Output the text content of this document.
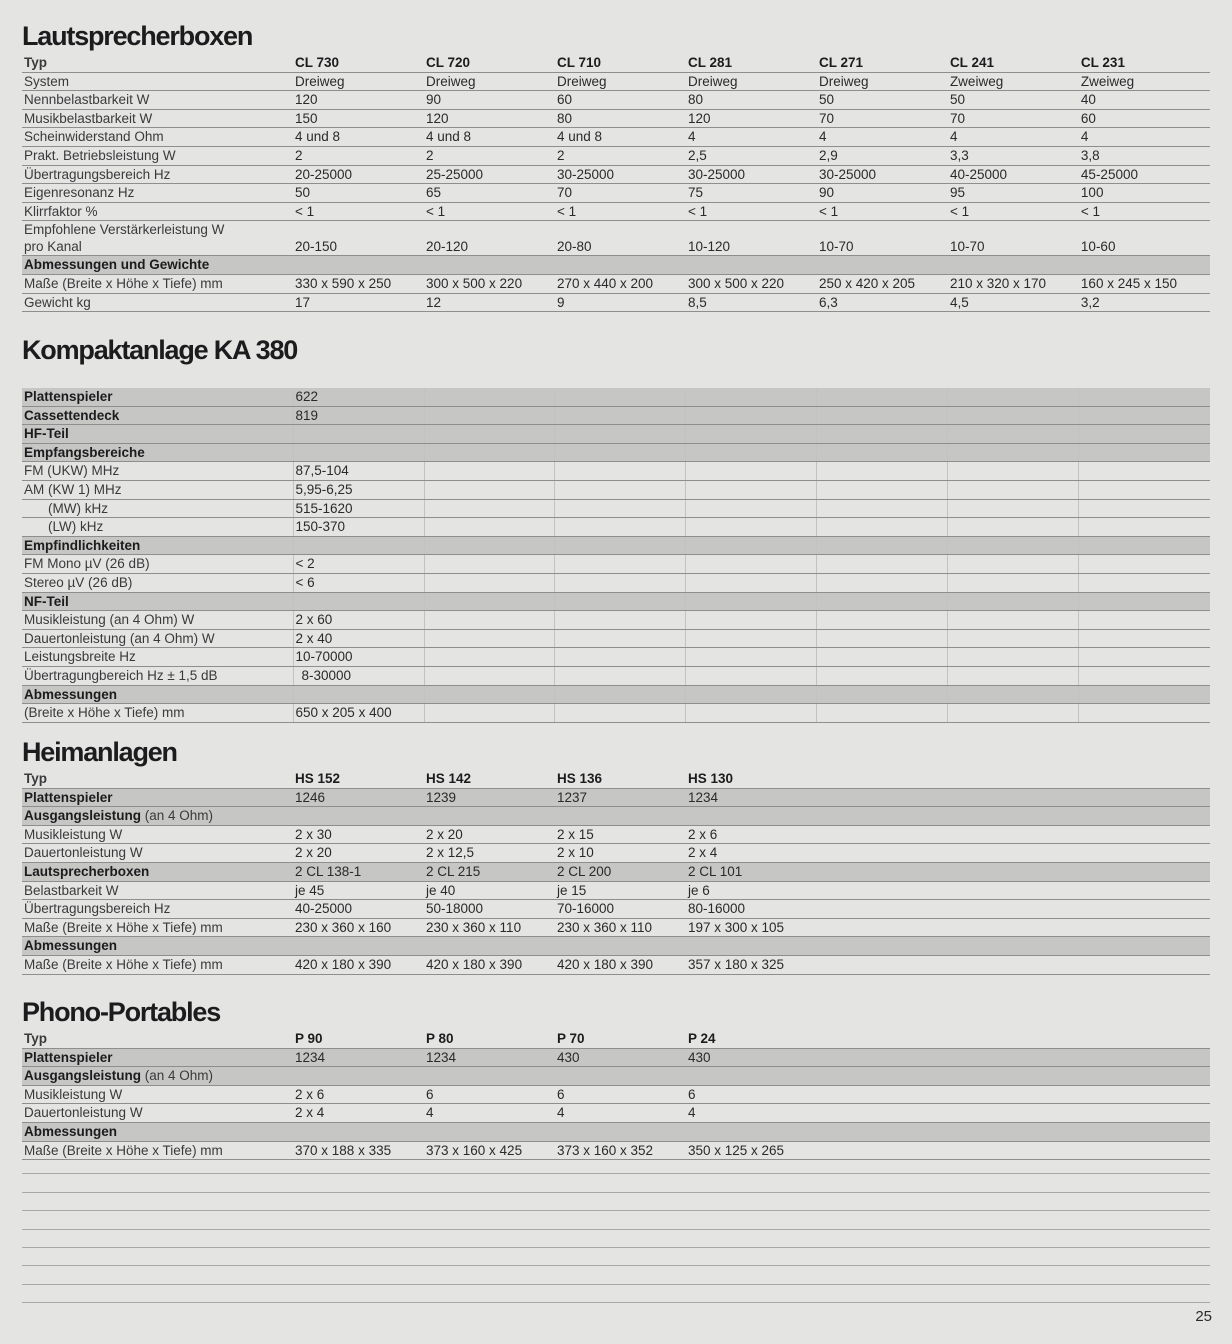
Lautsprecherboxen
Typ	CL 730	CL 720	CL 710	CL 281	CL 271	CL 241	CL 231
System	Dreiweg	Dreiweg	Dreiweg	Dreiweg	Dreiweg	Zweiweg	Zweiweg
Nennbelastbarkeit W	120	90	60	80	50	50	40
Musikbelastbarkeit W	150	120	80	120	70	70	60
Scheinwiderstand Ohm	4 und 8	4 und 8	4 und 8	4	4	4	4
Prakt. Betriebsleistung W	2	2	2	2,5	2,9	3,3	3,8
Übertragungsbereich Hz	20-25000	25-25000	30-25000	30-25000	30-25000	40-25000	45-25000
Eigenresonanz Hz	50	65	70	75	90	95	100
Klirrfaktor %	< 1	< 1	< 1	< 1	< 1	< 1	< 1
Empfohlene Verstärkerleistung W
pro Kanal	20-150	20-120	20-80	10-120	10-70	10-70	10-60
Abmessungen und Gewichte							
Maße (Breite x Höhe x Tiefe) mm	330 x 590 x 250	300 x 500 x 220	270 x 440 x 200	300 x 500 x 220	250 x 420 x 205	210 x 320 x 170	160 x 245 x 150
Gewicht kg	17	12	9	8,5	6,3	4,5	3,2
Kompaktanlage KA 380
Plattenspieler	622						
Cassettendeck	819						
HF-Teil							
Empfangsbereiche							
FM (UKW) MHz	87,5-104						
AM (KW 1) MHz	5,95-6,25						
(MW) kHz	515-1620						
(LW) kHz	150-370						
Empfindlichkeiten							
FM Mono µV (26 dB)	< 2						
Stereo µV (26 dB)	< 6						
NF-Teil							
Musikleistung (an 4 Ohm) W	2 x 60						
Dauertonleistung (an 4 Ohm) W	2 x 40						
Leistungsbreite Hz	10-70000						
Übertragungbereich Hz ± 1,5 dB	8-30000						
Abmessungen							
(Breite x Höhe x Tiefe) mm	650 x 205 x 400						
Heimanlagen
Typ	HS 152	HS 142	HS 136	HS 130			
Plattenspieler	1246	1239	1237	1234			
Ausgangsleistung (an 4 Ohm)							
Musikleistung W	2 x 30	2 x 20	2 x 15	2 x 6			
Dauertonleistung W	2 x 20	2 x 12,5	2 x 10	2 x 4			
Lautsprecherboxen	2 CL 138-1	2 CL 215	2 CL 200	2 CL 101			
Belastbarkeit W	je 45	je 40	je 15	je 6			
Übertragungsbereich Hz	40-25000	50-18000	70-16000	80-16000			
Maße (Breite x Höhe x Tiefe) mm	230 x 360 x 160	230 x 360 x 110	230 x 360 x 110	197 x 300 x 105			
Abmessungen							
Maße (Breite x Höhe x Tiefe) mm	420 x 180 x 390	420 x 180 x 390	420 x 180 x 390	357 x 180 x 325			
Phono-Portables
Typ	P 90	P 80	P 70	P 24			
Plattenspieler	1234	1234	430	430			
Ausgangsleistung (an 4 Ohm)							
Musikleistung W	2 x 6	6	6	6			
Dauertonleistung W	2 x 4	4	4	4			
Abmessungen							
Maße (Breite x Höhe x Tiefe) mm	370 x 188 x 335	373 x 160 x 425	373 x 160 x 352	350 x 125 x 265			
25
